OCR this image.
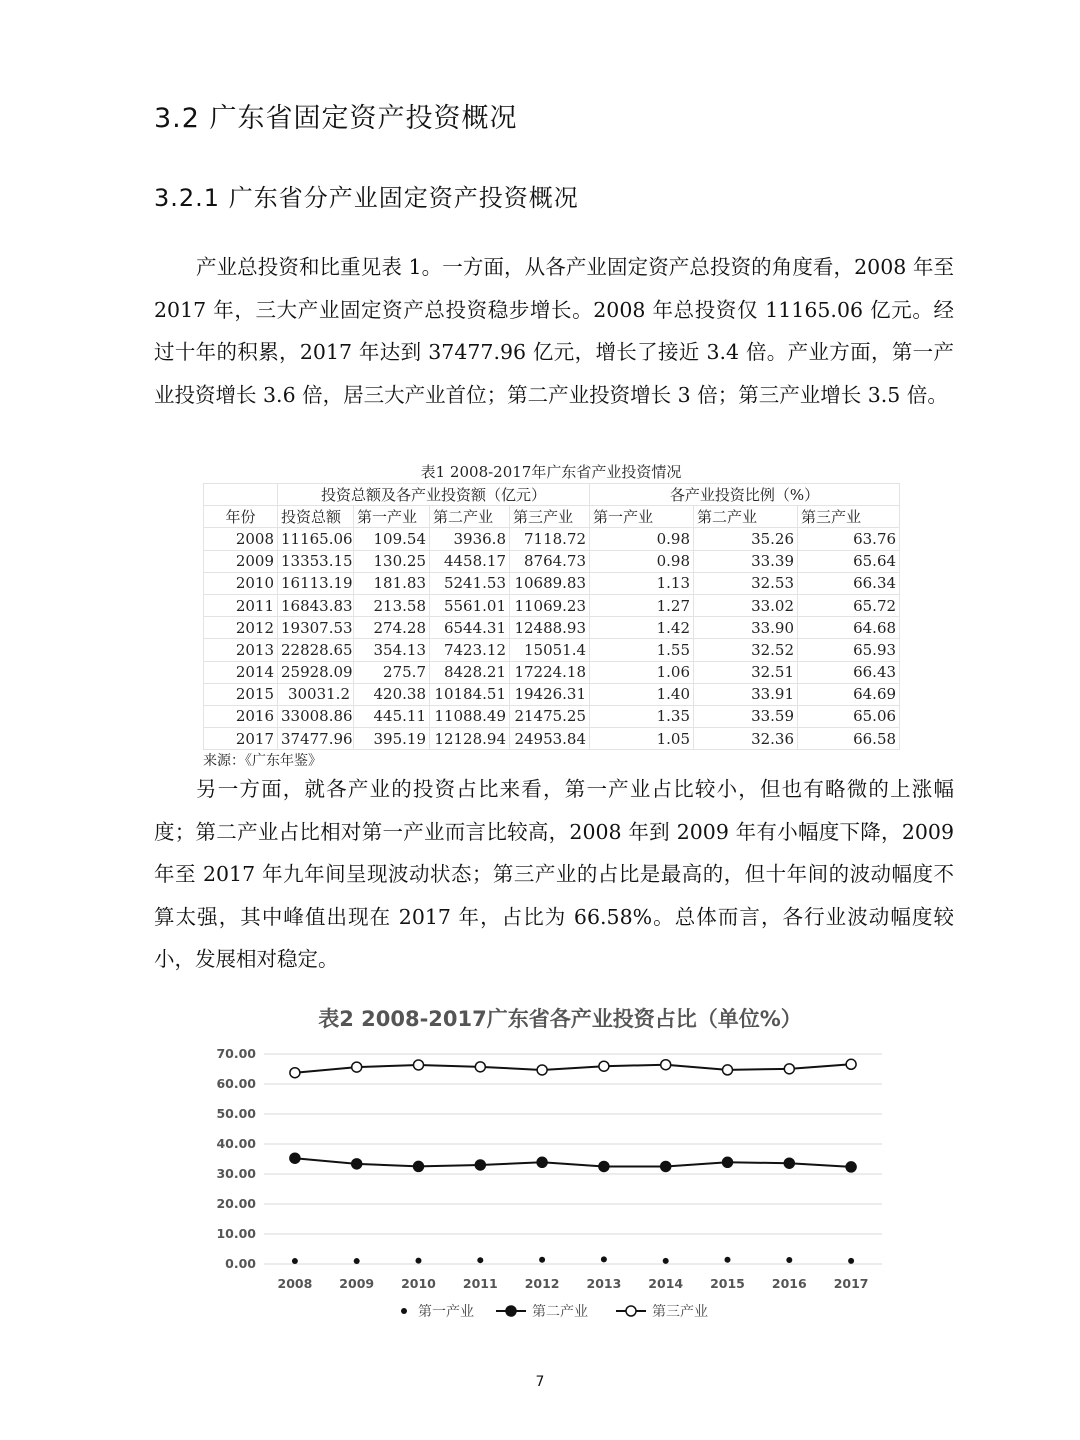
3.2 广东省固定资产投资概况
3.2.1 广东省分产业固定资产投资概况

产业总投资和比重见表 1。一方面，从各产业固定资产总投资的角度看，2008 年至 2017 年，三大产业固定资产总投资稳步增长。2008 年总投资仅 11165.06 亿元。经过十年的积累，2017 年达到 37477.96 亿元，增长了接近 3.4 倍。产业方面，第一产业投资增长 3.6 倍，居三大产业首位；第二产业投资增长 3 倍；第三产业增长 3.5 倍。

表1 2008-2017年广东省产业投资情况
	投资总额及各产业投资额（亿元）				各产业投资比例（%）		
年份	投资总额	第一产业	第二产业	第三产业	第一产业	第二产业	第三产业
2008	11165.06	109.54	3936.8	7118.72	0.98	35.26	63.76
2009	13353.15	130.25	4458.17	8764.73	0.98	33.39	65.64
2010	16113.19	181.83	5241.53	10689.83	1.13	32.53	66.34
2011	16843.83	213.58	5561.01	11069.23	1.27	33.02	65.72
2012	19307.53	274.28	6544.31	12488.93	1.42	33.90	64.68
2013	22828.65	354.13	7423.12	15051.4	1.55	32.52	65.93
2014	25928.09	275.7	8428.21	17224.18	1.06	32.51	66.43
2015	30031.2	420.38	10184.51	19426.31	1.40	33.91	64.69
2016	33008.86	445.11	11088.49	21475.25	1.35	33.59	65.06
2017	37477.96	395.19	12128.94	24953.84	1.05	32.36	66.58
来源：《广东年鉴》

另一方面，就各产业的投资占比来看，第一产业占比较小，但也有略微的上涨幅度；第二产业占比相对第一产业而言比较高，2008 年到 2009 年有小幅度下降，2009 年至 2017 年九年间呈现波动状态；第三产业的占比是最高的，但十年间的波动幅度不算太强，其中峰值出现在 2017 年，占比为 66.58%。总体而言，各行业波动幅度较小，发展相对稳定。

表2 2008-2017广东省各产业投资占比（单位%）
0.00
10.00
20.00
30.00
40.00
50.00
60.00
70.00
2008 2009 2010 2011 2012 2013 2014 2015 2016 2017
第一产业	第二产业	第三产业
7
